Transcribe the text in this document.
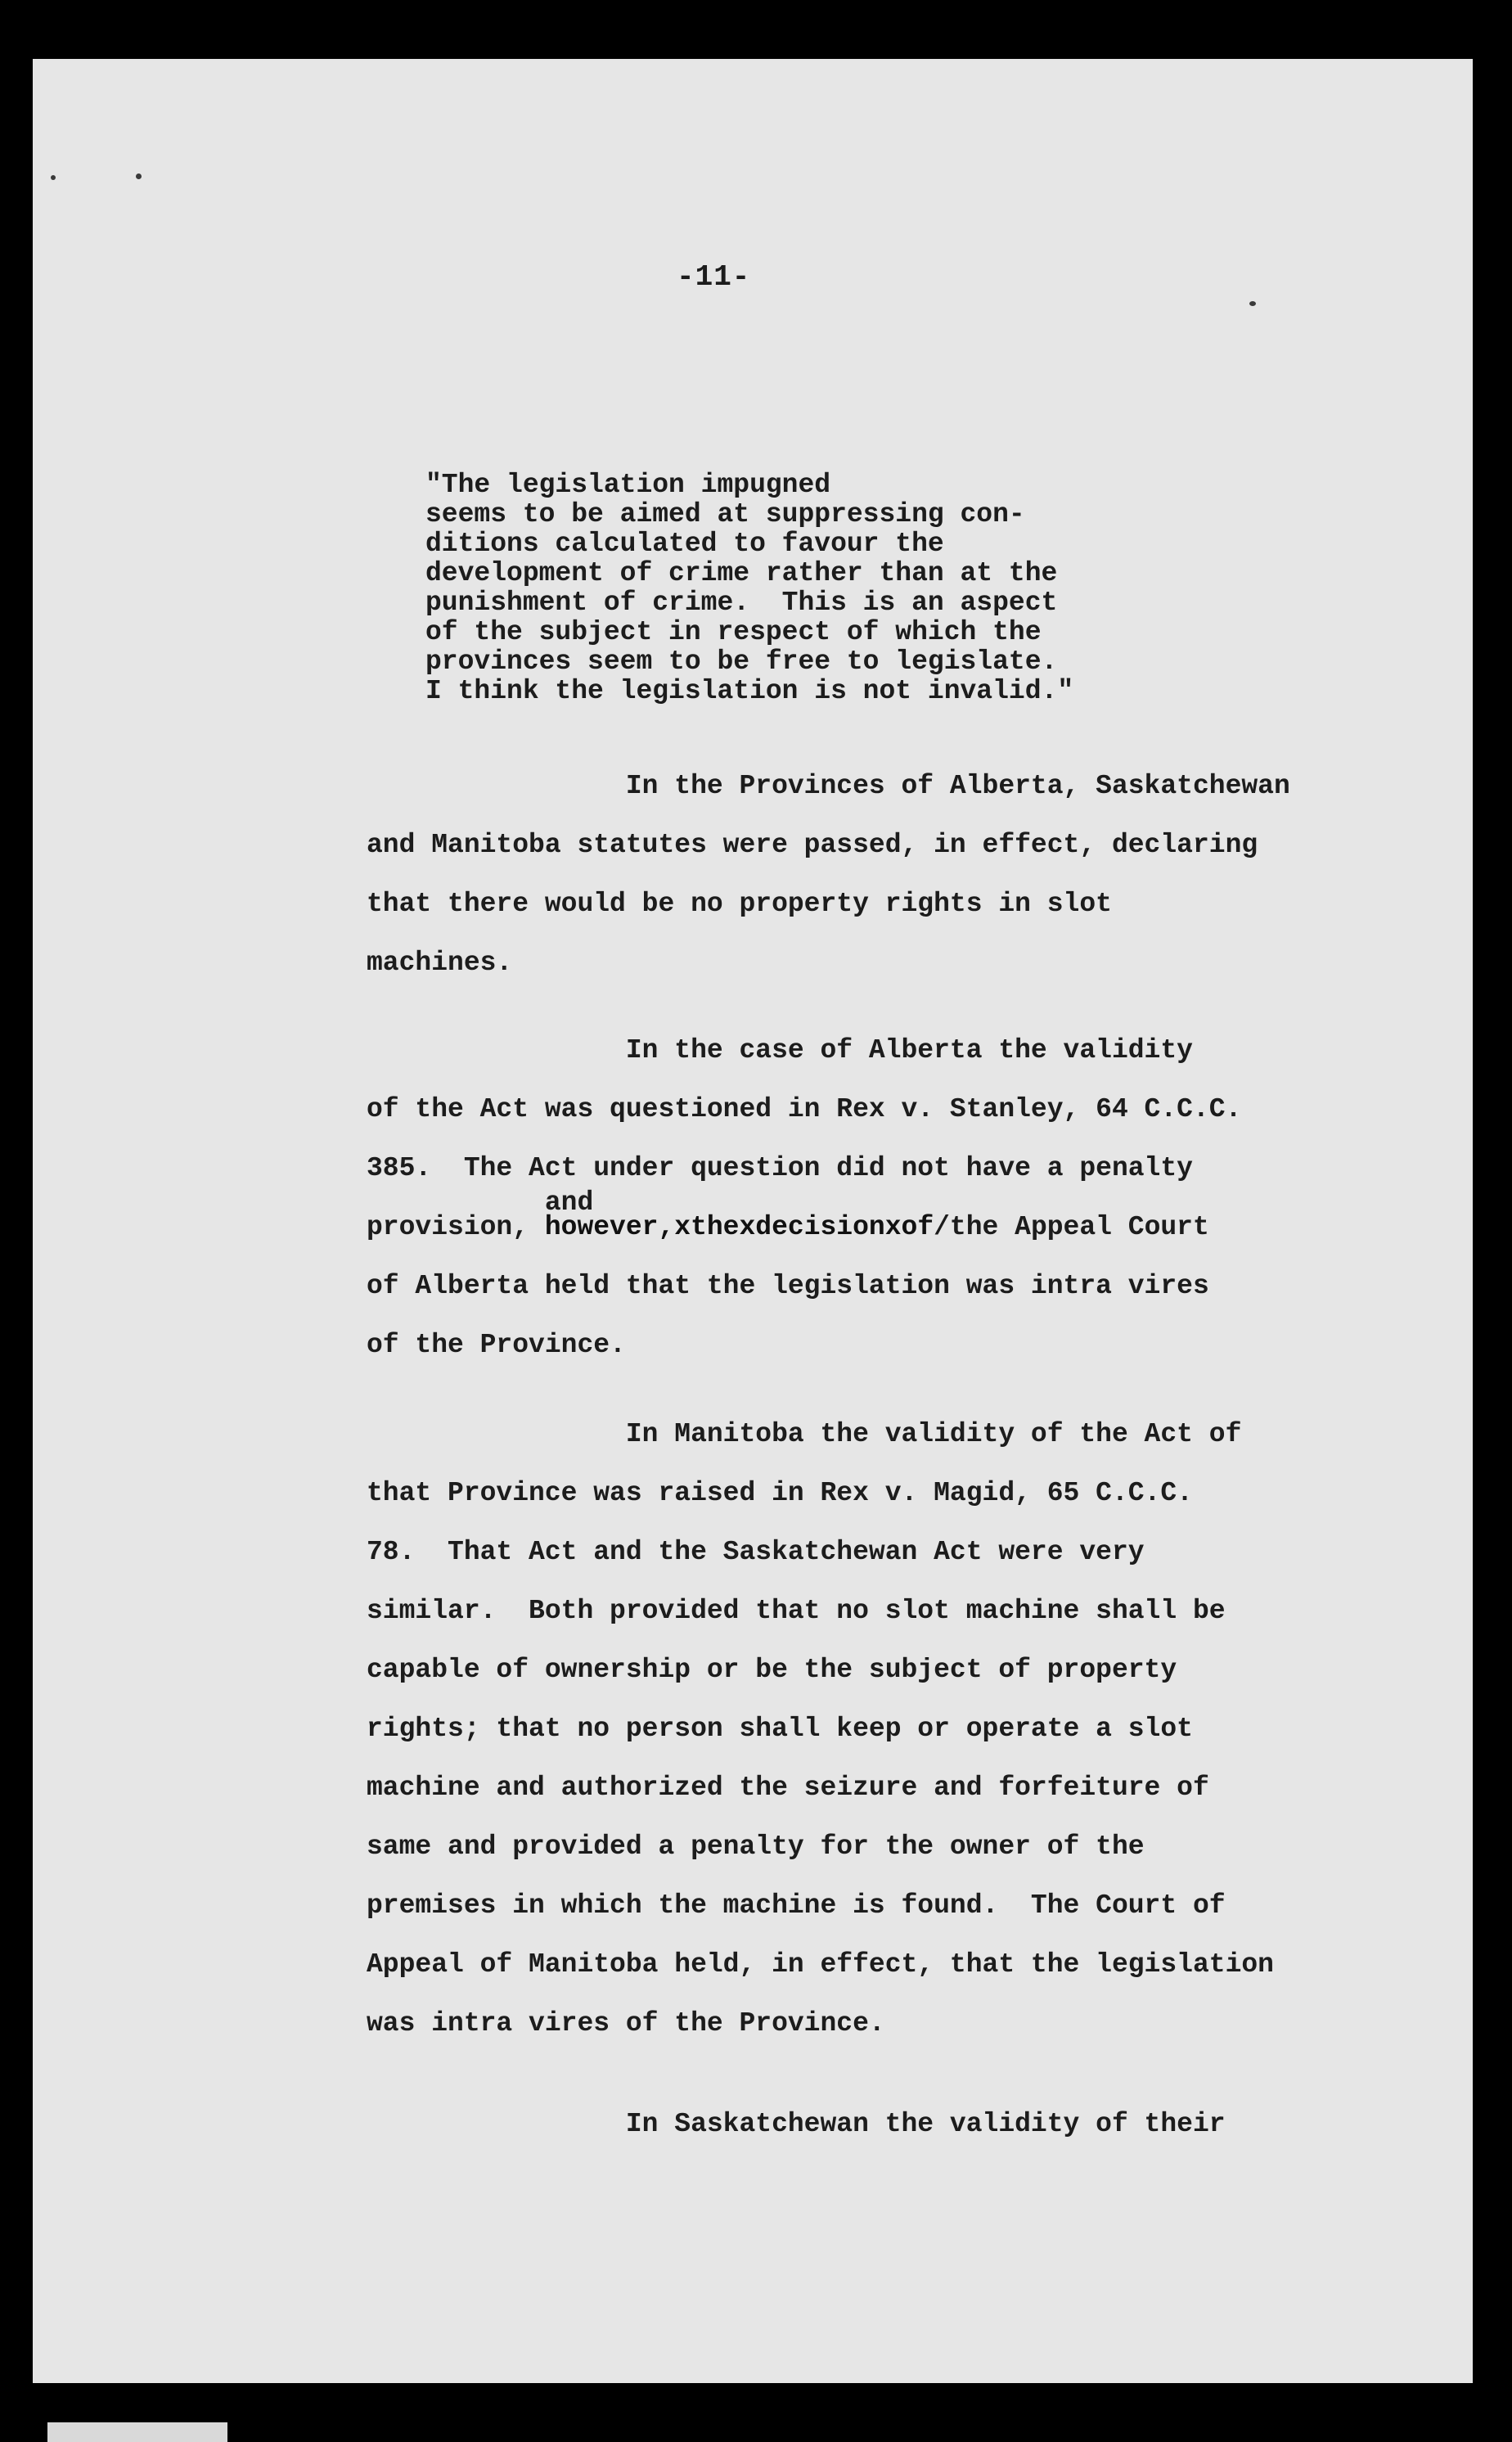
-11-
"The legislation impugned
seems to be aimed at suppressing con-
ditions calculated to favour the
development of crime rather than at the
punishment of crime.  This is an aspect
of the subject in respect of which the
provinces seem to be free to legislate.
I think the legislation is not invalid."
In the Provinces of Alberta, Saskatchewan
and Manitoba statutes were passed, in effect, declaring
that there would be no property rights in slot
machines.
In the case of Alberta the validity
of the Act was questioned in Rex v. Stanley, 64 C.C.C.
385.  The Act under question did not have a penalty
provision,
and
however,xthexdecisionxof/the Appeal Court
of Alberta held that the legislation was intra vires
of the Province.
In Manitoba the validity of the Act of
that Province was raised in Rex v. Magid, 65 C.C.C.
78.  That Act and the Saskatchewan Act were very
similar.  Both provided that no slot machine shall be
capable of ownership or be the subject of property
rights; that no person shall keep or operate a slot
machine and authorized the seizure and forfeiture of
same and provided a penalty for the owner of the
premises in which the machine is found.  The Court of
Appeal of Manitoba held, in effect, that the legislation
was intra vires of the Province.
In Saskatchewan the validity of their
